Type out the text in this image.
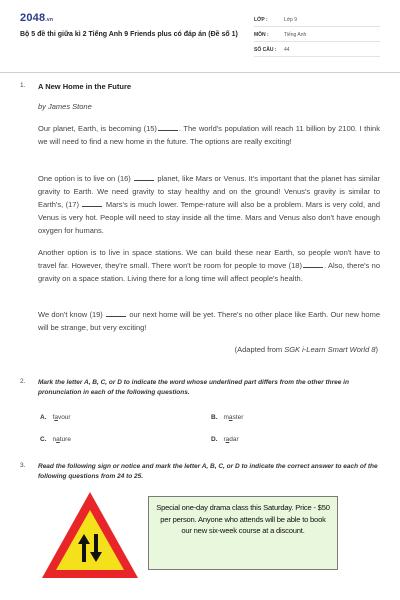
2048.vn
Bộ 5 đề thi giữa kì 2 Tiếng Anh 9 Friends plus có đáp án (Đề số 1)
LỚP :	Lớp 9
MÔN :	Tiếng Anh
SỐ CÂU : 44
1. A New Home in the Future
by James Stone

Our planet, Earth, is becoming (15)	. The world's population will reach 11 billion by 2100. I think we will need to find a new home in the future. The options are really exciting!

One option is to live on (16)	planet, like Mars or Venus. It's important that the planet has similar gravity to Earth. We need gravity to stay healthy and on the ground! Venus's gravity is similar to Earth's, (17)	Mars's is much lower. Tempe-rature will also be a problem. Mars is very cold, and Venus is very hot. People will need to stay inside all the time. Mars and Venus also don't have enough oxygen for humans.

Another option is to live in space stations. We can build these near Earth, so people won't have to travel far. However, they're small. There won't be room for people to move (18)	. Also, there's no gravity on a space station. Living there for a long time will affect people's health.

We don't know (19)	our next home will be yet. There's no other place like Earth. Our new home will be strange, but very exciting!

(Adapted from SGK i-Learn Smart World 8)
2. Mark the letter A, B, C, or D to indicate the word whose underlined part differs from the other three in pronunciation in each of the following questions.

A. favour	B. master
C. nature	D. radar
3. Read the following sign or notice and mark the letter A, B, C, or D to indicate the correct answer to each of the following questions from 24 to 25.

Special one-day drama class this Saturday. Price - $50 per person. Anyone who attends will be able to book our new six-week course at a discount.
